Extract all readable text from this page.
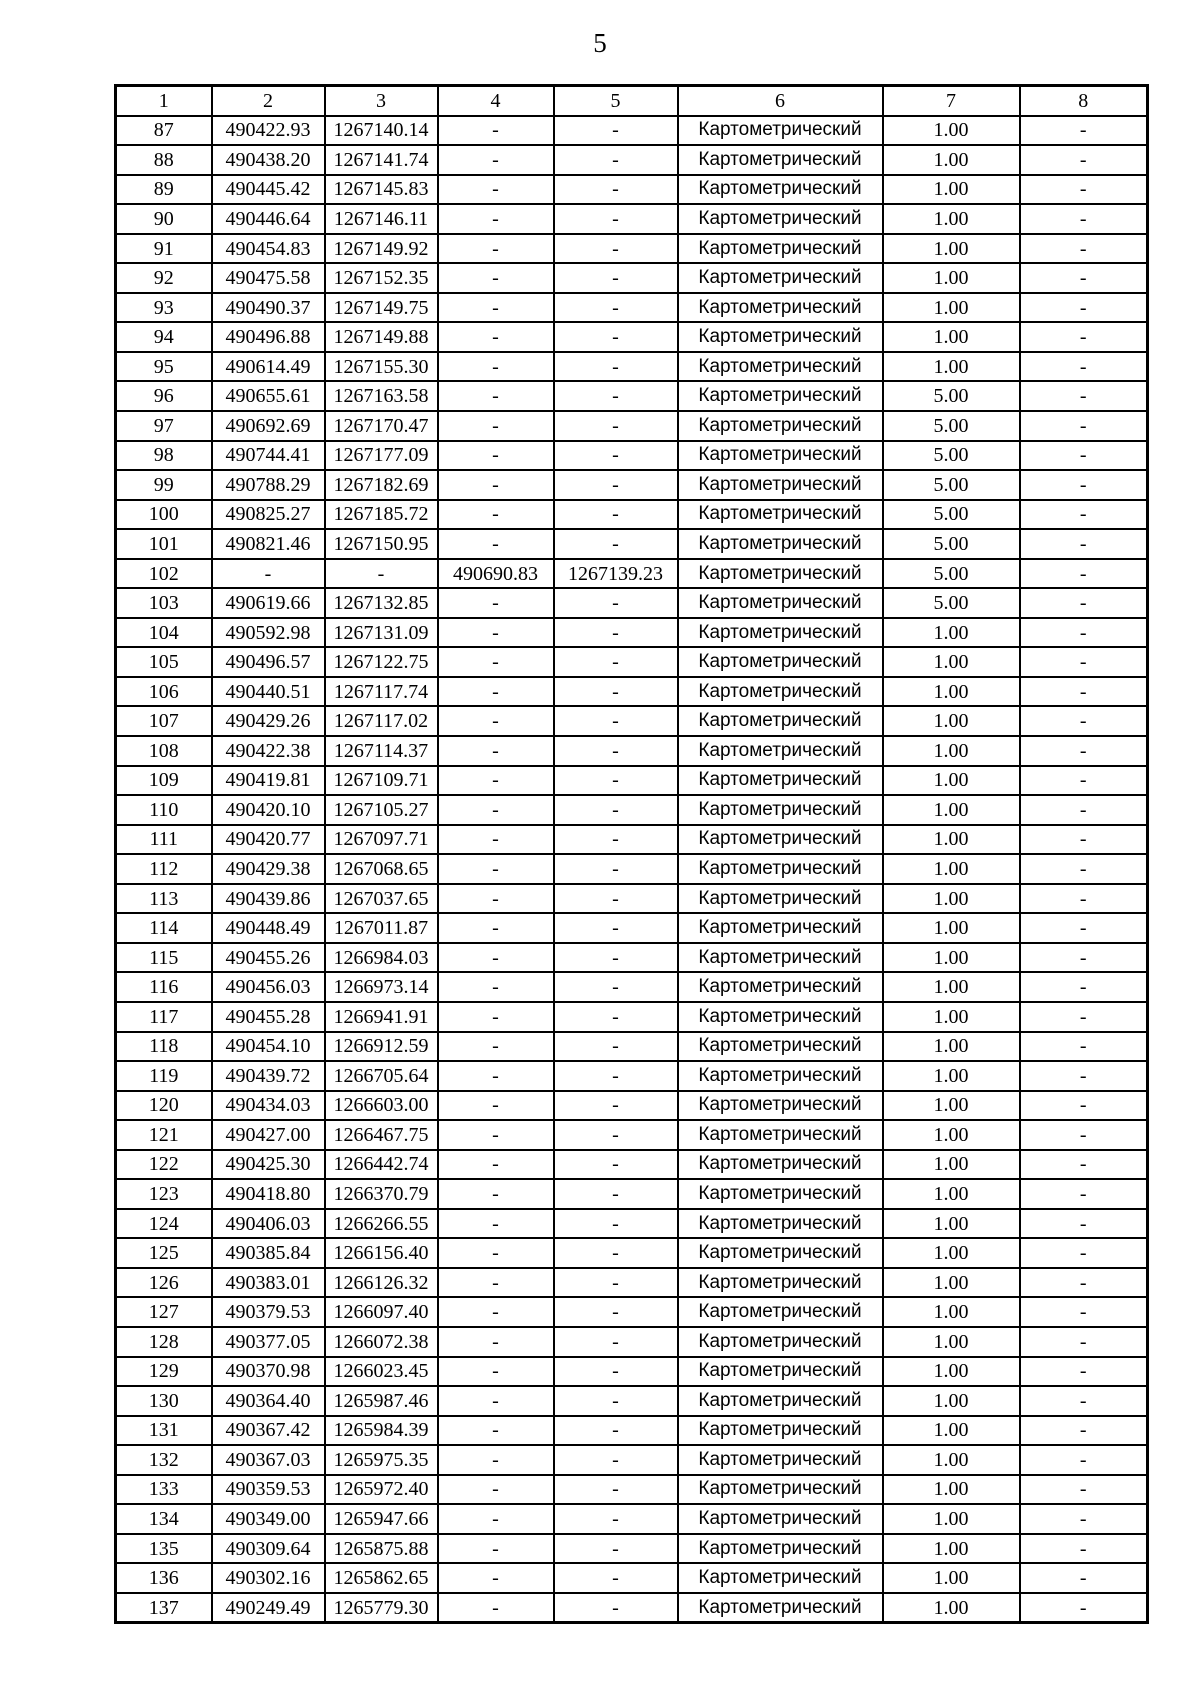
5
1	2	3	4	5	6	7	8
87	490422.93	1267140.14	-	-	Картометрический	1.00	-
88	490438.20	1267141.74	-	-	Картометрический	1.00	-
89	490445.42	1267145.83	-	-	Картометрический	1.00	-
90	490446.64	1267146.11	-	-	Картометрический	1.00	-
91	490454.83	1267149.92	-	-	Картометрический	1.00	-
92	490475.58	1267152.35	-	-	Картометрический	1.00	-
93	490490.37	1267149.75	-	-	Картометрический	1.00	-
94	490496.88	1267149.88	-	-	Картометрический	1.00	-
95	490614.49	1267155.30	-	-	Картометрический	1.00	-
96	490655.61	1267163.58	-	-	Картометрический	5.00	-
97	490692.69	1267170.47	-	-	Картометрический	5.00	-
98	490744.41	1267177.09	-	-	Картометрический	5.00	-
99	490788.29	1267182.69	-	-	Картометрический	5.00	-
100	490825.27	1267185.72	-	-	Картометрический	5.00	-
101	490821.46	1267150.95	-	-	Картометрический	5.00	-
102	-	-	490690.83	1267139.23	Картометрический	5.00	-
103	490619.66	1267132.85	-	-	Картометрический	5.00	-
104	490592.98	1267131.09	-	-	Картометрический	1.00	-
105	490496.57	1267122.75	-	-	Картометрический	1.00	-
106	490440.51	1267117.74	-	-	Картометрический	1.00	-
107	490429.26	1267117.02	-	-	Картометрический	1.00	-
108	490422.38	1267114.37	-	-	Картометрический	1.00	-
109	490419.81	1267109.71	-	-	Картометрический	1.00	-
110	490420.10	1267105.27	-	-	Картометрический	1.00	-
111	490420.77	1267097.71	-	-	Картометрический	1.00	-
112	490429.38	1267068.65	-	-	Картометрический	1.00	-
113	490439.86	1267037.65	-	-	Картометрический	1.00	-
114	490448.49	1267011.87	-	-	Картометрический	1.00	-
115	490455.26	1266984.03	-	-	Картометрический	1.00	-
116	490456.03	1266973.14	-	-	Картометрический	1.00	-
117	490455.28	1266941.91	-	-	Картометрический	1.00	-
118	490454.10	1266912.59	-	-	Картометрический	1.00	-
119	490439.72	1266705.64	-	-	Картометрический	1.00	-
120	490434.03	1266603.00	-	-	Картометрический	1.00	-
121	490427.00	1266467.75	-	-	Картометрический	1.00	-
122	490425.30	1266442.74	-	-	Картометрический	1.00	-
123	490418.80	1266370.79	-	-	Картометрический	1.00	-
124	490406.03	1266266.55	-	-	Картометрический	1.00	-
125	490385.84	1266156.40	-	-	Картометрический	1.00	-
126	490383.01	1266126.32	-	-	Картометрический	1.00	-
127	490379.53	1266097.40	-	-	Картометрический	1.00	-
128	490377.05	1266072.38	-	-	Картометрический	1.00	-
129	490370.98	1266023.45	-	-	Картометрический	1.00	-
130	490364.40	1265987.46	-	-	Картометрический	1.00	-
131	490367.42	1265984.39	-	-	Картометрический	1.00	-
132	490367.03	1265975.35	-	-	Картометрический	1.00	-
133	490359.53	1265972.40	-	-	Картометрический	1.00	-
134	490349.00	1265947.66	-	-	Картометрический	1.00	-
135	490309.64	1265875.88	-	-	Картометрический	1.00	-
136	490302.16	1265862.65	-	-	Картометрический	1.00	-
137	490249.49	1265779.30	-	-	Картометрический	1.00	-
